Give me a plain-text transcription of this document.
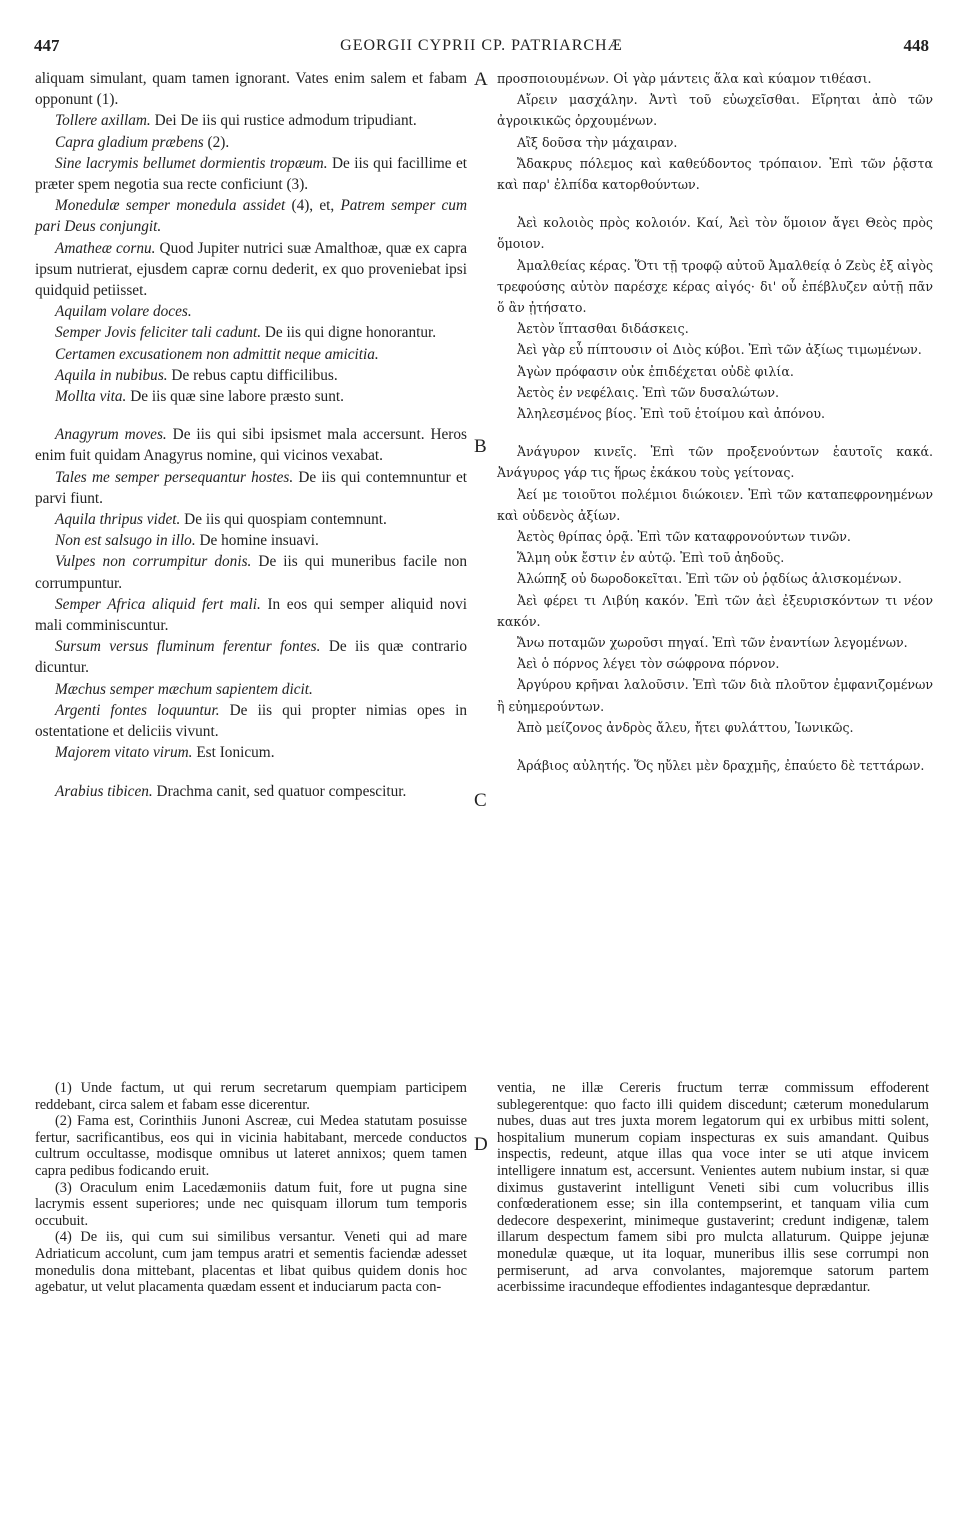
447	GEORGII CYPRII CP. PATRIARCHÆ	448

aliquam simulant, quam tamen ignorant. Vates enim salem et fabam opponunt (1).

Tollere axillam. Dei De iis qui rustice admodum tripudiant.

Capra gladium præbens (2).

Sine lacrymis bellumet dormientis tropæum. De iis qui facillime et præter spem negotia sua recte conficiunt (3).

Monedulæ semper monedula assidet (4), et, Patrem semper cum pari Deus conjungit.

Amatheæ cornu. Quod Jupiter nutrici suæ Amalthoæ, quæ ex capra ipsum nutrierat, ejusdem capræ cornu dederit, ex quo proveniebat ipsi quidquid petiisset.

Aquilam volare doces.

Semper Jovis feliciter tali cadunt. De iis qui digne honorantur.

Certamen excusationem non admittit neque amicitia.

Aquila in nubibus. De rebus captu difficilibus.

Mollta vita. De iis quæ sine labore præsto sunt.

Anagyrum moves. De iis qui sibi ipsismet mala accersunt. Heros enim fuit quidam Anagyrus nomine, qui vicinos vexabat.

Tales me semper persequantur hostes. De iis qui contemnuntur et parvi fiunt.

Aquila thripus videt. De iis qui quospiam contemnunt.

Non est salsugo in illo. De homine insuavi.

Vulpes non corrumpitur donis. De iis qui muneribus facile non corrumpuntur.

Semper Africa aliquid fert mali. In eos qui semper aliquid novi mali comminiscuntur.

Sursum versus fluminum ferentur fontes. De iis quæ contrario dicuntur.

Mæchus semper mæchum sapientem dicit.

Argenti fontes loquuntur. De iis qui propter nimias opes in ostentatione et deliciis vivunt.

Majorem vitato virum. Est Ionicum.

Arabius tibicen. Drachma canit, sed quatuor compescitur.

προσποιουμένων. Οἱ γὰρ μάντεις ἅλα καὶ κύαμον τιθέασι.

Αἴρειν μασχάλην. Ἀντὶ τοῦ εὐωχεῖσθαι. Εἴρηται ἀπὸ τῶν ἀγροικικῶς ὀρχουμένων.

Αἲξ δοῦσα τὴν μάχαιραν.

Ἄδακρυς πόλεμος καὶ καθεύδοντος τρόπαιον. Ἐπὶ τῶν ῥᾷστα καὶ παρ' ἐλπίδα κατορθούντων.

Ἀεὶ κολοιὸς πρὸς κολοιόν. Καί, Ἀεὶ τὸν ὅμοιον ἄγει Θεὸς πρὸς ὅμοιον.

Ἀμαλθείας κέρας. Ὅτι τῇ τροφῷ αὐτοῦ Ἀμαλθείᾳ ὁ Ζεὺς ἐξ αἰγὸς τρεφούσης αὐτὸν παρέσχε κέρας αἰγός· δι' οὗ ἐπέβλυζεν αὐτῇ πᾶν ὅ ἂν ᾐτήσατο.

Ἀετὸν ἵπτασθαι διδάσκεις.

Ἀεὶ γὰρ εὖ πίπτουσιν οἱ Διὸς κύβοι. Ἐπὶ τῶν ἀξίως τιμωμένων.

Ἀγὼν πρόφασιν οὐκ ἐπιδέχεται οὐδὲ φιλία.

Ἀετὸς ἐν νεφέλαις. Ἐπὶ τῶν δυσαλώτων.

Ἀληλεσμένος βίος. Ἐπὶ τοῦ ἑτοίμου καὶ ἀπόνου.

Ἀνάγυρον κινεῖς. Ἐπὶ τῶν προξενούντων ἑαυτοῖς κακά. Ἀνάγυρος γάρ τις ἥρως ἐκάκου τοὺς γείτονας.

Ἀεί με τοιοῦτοι πολέμιοι διώκοιεν. Ἐπὶ τῶν καταπεφρονημένων καὶ οὐδενὸς ἀξίων.

Ἀετὸς θρίπας ὁρᾷ. Ἐπὶ τῶν καταφρονούντων τινῶν.

Ἅλμη οὐκ ἔστιν ἐν αὐτῷ. Ἐπὶ τοῦ ἀηδοῦς.

Ἀλώπηξ οὐ δωροδοκεῖται. Ἐπὶ τῶν οὐ ῥᾳδίως ἁλισκομένων.

Ἀεὶ φέρει τι Λιβύη κακόν. Ἐπὶ τῶν ἀεὶ ἐξευρισκόντων τι νέον κακόν.

Ἄνω ποταμῶν χωροῦσι πηγαί. Ἐπὶ τῶν ἐναντίων λεγομένων.

Ἀεὶ ὁ πόρνος λέγει τὸν σώφρονα πόρνον.

Ἀργύρου κρῆναι λαλοῦσιν. Ἐπὶ τῶν διὰ πλοῦτον ἐμφανιζομένων ἢ εὐημερούντων.

Ἀπὸ μείζονος ἀνδρὸς ἄλευ, ἤτει φυλάττου, Ἰωνικῶς.

Ἀράβιος αὐλητής. Ὅς ηὔλει μὲν δραχμῆς, ἐπαύετο δὲ τεττάρων.

A
B
C
D

(1) Unde factum, ut qui rerum secretarum quempiam participem reddebant, circa salem et fabam esse dicerentur.

(2) Fama est, Corinthiis Junoni Ascreæ, cui Medea statutam posuisse fertur, sacrificantibus, eos qui in vicinia habitabant, mercede conductos cultrum occultasse, modisque omnibus ut lateret annixos; quem tamen capra pedibus fodicando eruit.

(3) Oraculum enim Lacedæmoniis datum fuit, fore ut pugna sine lacrymis essent superiores; unde nec quisquam illorum tum temporis occubuit.

(4) De iis, qui cum sui similibus versantur. Veneti qui ad mare Adriaticum accolunt, cum jam tempus aratri et sementis faciendæ adesset monedulis dona mittebant, placentas et libat quibus quidem donis hoc agebatur, ut velut placamenta quædam essent et induciarum pacta con-

ventia, ne illæ Cereris fructum terræ commissum effoderent sublegerentque: quo facto illi quidem discedunt; cæterum monedularum nubes, duas aut tres juxta morem legatorum qui ex urbibus mitti solent, hospitalium munerum copiam inspecturas ex suis amandant. Quibus inspectis, redeunt, atque illas qua voce inter se uti atque invicem intelligere innatum est, accersunt. Venientes autem nubium instar, si quæ diximus gustaverint intelligunt Veneti sibi cum volucribus illis confœderationem esse; sin illa contempserint, et tanquam vilia cum dedecore despexerint, minimeque gustaverint; credunt indigenæ, talem illarum despectum famem sibi pro mulcta allaturum. Quippe jejunæ monedulæ quæque, ut ita loquar, muneribus illis sese corrumpi non permiserunt, ad arva convolantes, majoremque satorum partem acerbissime iracundeque effodientes indagantesque deprædantur.
